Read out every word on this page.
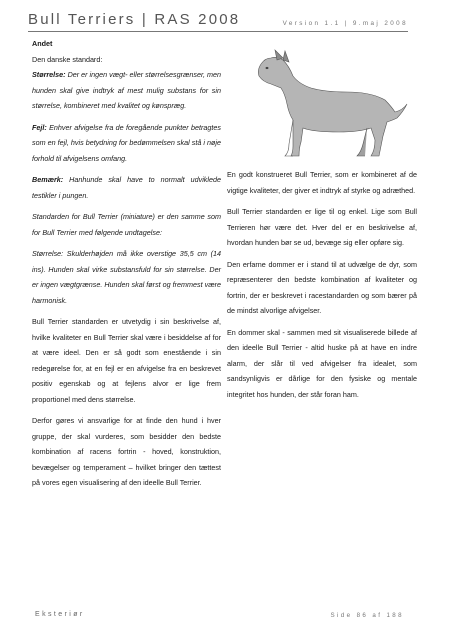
Bull Terriers | RAS 2008	Version 1.1 | 9.maj 2008
Andet
Den danske standard:

Størrelse: Der er ingen vægt- eller størrelsesgrænser, men hunden skal give indtryk af mest mulig substans for sin størrelse, kombineret med kvalitet og kønspræg.

Fejl: Enhver afvigelse fra de foregående punkter betragtes som en fejl, hvis betydning for bedømmelsen skal stå i nøje forhold til afvigelsens omfang.

Bemærk: Hanhunde skal have to normalt udviklede testikler i pungen.

Standarden for Bull Terrier (miniature) er den samme som for Bull Terrier med følgende undtagelse:

Størrelse: Skulderhøjden må ikke overstige 35,5 cm (14 ins). Hunden skal virke substansfuld for sin størrelse. Der er ingen vægtgrænse. Hunden skal først og fremmest være harmonisk.

Bull Terrier standarden er utvetydig i sin beskrivelse af, hvilke kvaliteter en Bull Terrier skal være i besiddelse af for at være ideel. Den er så godt som enestående i sin redegørelse for, at en fejl er en afvigelse fra en beskrevet positiv egenskab og at fejlens alvor er lige frem proportionel med dens størrelse.

Derfor gøres vi ansvarlige for at finde den hund i hver gruppe, der skal vurderes, som besidder den bedste kombination af racens fortrin - hoved, konstruktion, bevægelser og temperament – hvilket bringer den tættest på vores egen visualisering af den ideelle Bull Terrier.

En godt konstrueret Bull Terrier, som er kombineret af de vigtige kvaliteter, der giver et indtryk af styrke og adræthed.

Bull Terrier standarden er lige til og enkel. Lige som Bull Terrieren hør være det. Hver del er en beskrivelse af, hvordan hunden bør se ud, bevæge sig eller opføre sig.

Den erfarne dommer er i stand til at udvælge de dyr, som repræsenterer den bedste kombination af kvaliteter og fortrin, der er beskrevet i racestandarden og som bærer på de mindst alvorlige afvigelser.

En dommer skal - sammen med sit visualiserede billede af den ideelle Bull Terrier - altid huske på at have en indre alarm, der slår til ved afvigelser fra idealet, som sandsynligvis er dårlige for den fysiske og mentale integritet hos hunden, der står foran ham.

Eksteriør	Side 86 af 188
